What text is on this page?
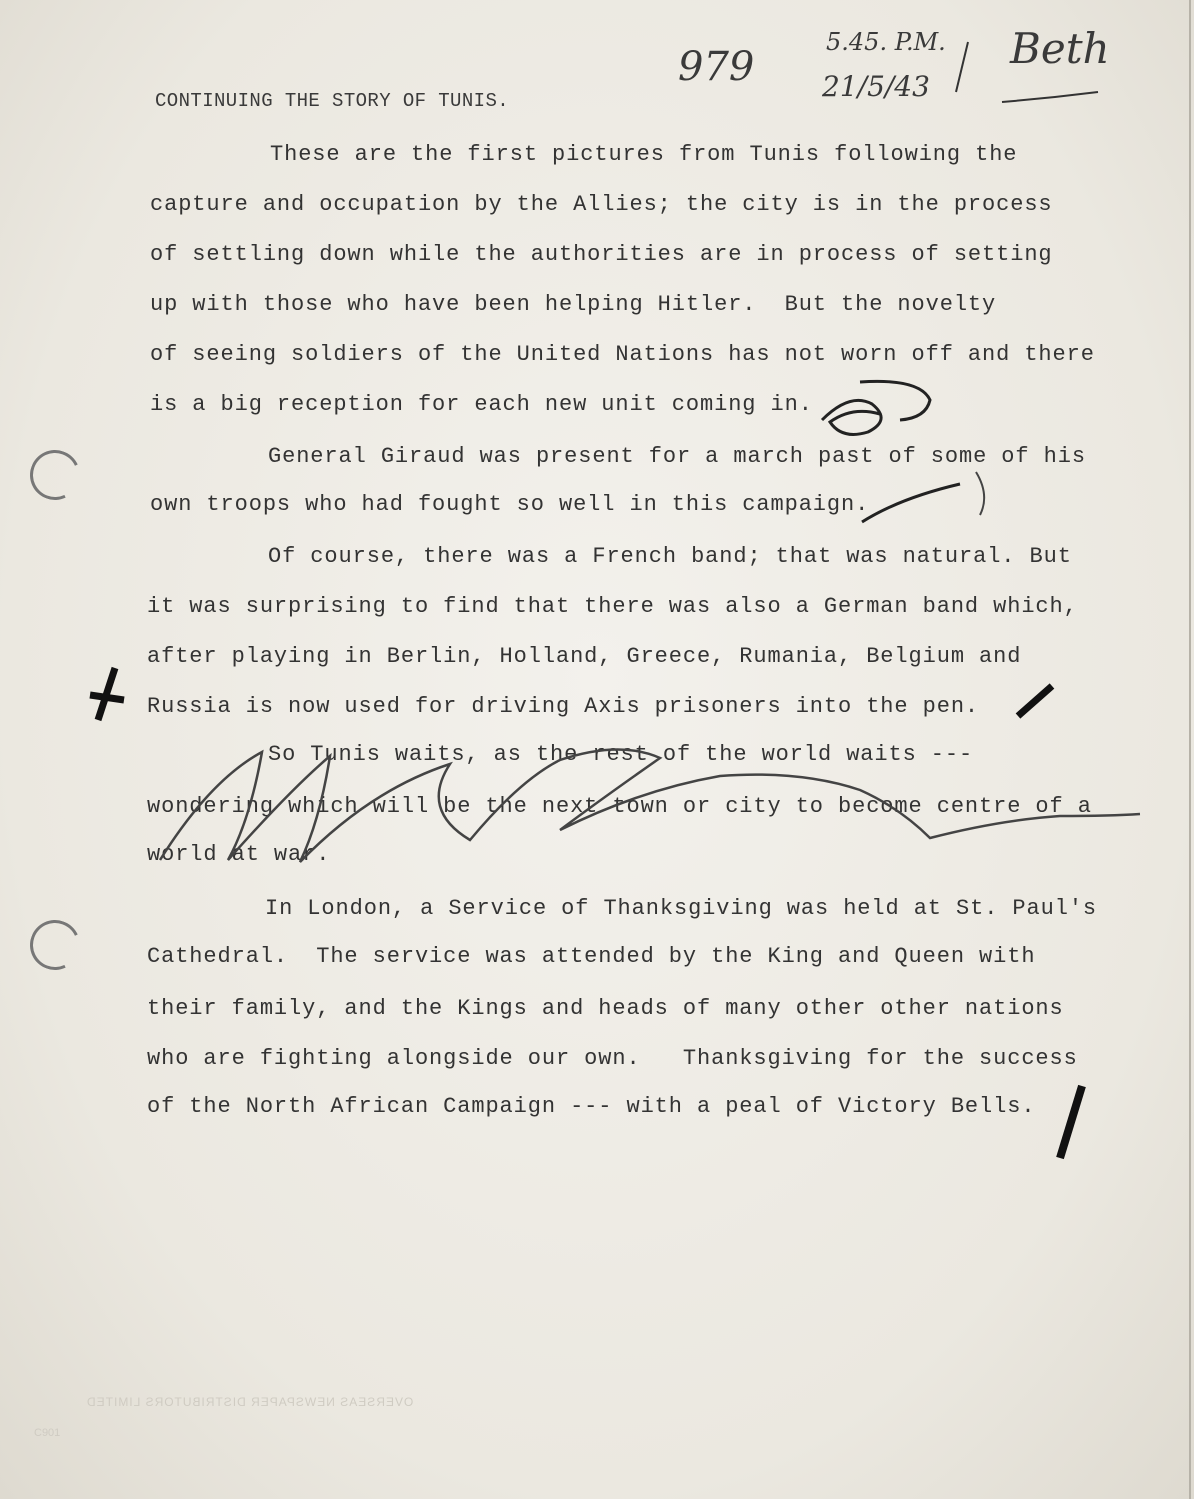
CONTINUING THE STORY OF TUNIS.
979
5.45. P.M.
21/5/43
Beth
These are the first pictures from Tunis following the
capture and occupation by the Allies; the city is in the process
of settling down while the authorities are in process of setting
up with those who have been helping Hitler.  But the novelty
of seeing soldiers of the United Nations has not worn off and there
is a big reception for each new unit coming in.
General Giraud was present for a march past of some of his
own troops who had fought so well in this campaign.
Of course, there was a French band; that was natural. But
it was surprising to find that there was also a German band which,
after playing in Berlin, Holland, Greece, Rumania, Belgium and
Russia is now used for driving Axis prisoners into the pen.
So Tunis waits, as the rest of the world waits ---
wondering which will be the next town or city to become centre of a
world at war.
In London, a Service of Thanksgiving was held at St. Paul's
Cathedral.  The service was attended by the King and Queen with
their family, and the Kings and heads of many other other nations
who are fighting alongside our own.   Thanksgiving for the success
of the North African Campaign --- with a peal of Victory Bells.
OVERSEAS NEWSPAPER DISTRIBUTORS LIMITED
C901
